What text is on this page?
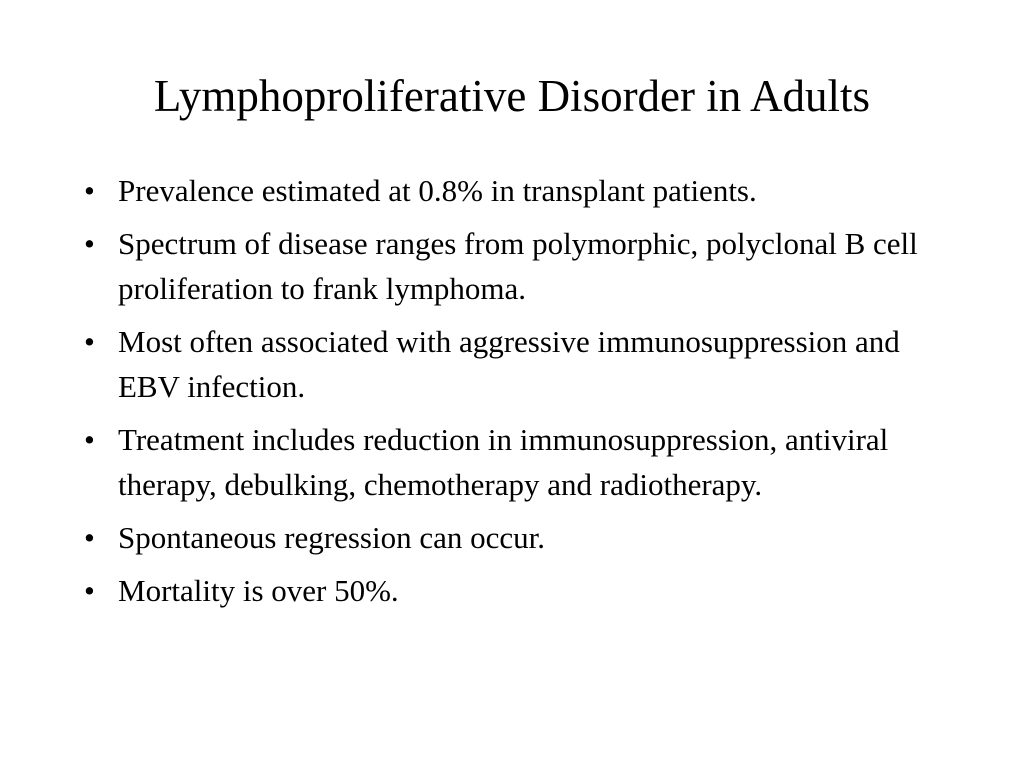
Lymphoproliferative Disorder in Adults
• Prevalence estimated at 0.8% in transplant patients.
• Spectrum of disease ranges from polymorphic, polyclonal B cell proliferation to frank lymphoma.
• Most often associated with aggressive immunosuppression and EBV infection.
• Treatment includes reduction in immunosuppression, antiviral therapy, debulking, chemotherapy and radiotherapy.
• Spontaneous regression can occur.
• Mortality is over 50%.
